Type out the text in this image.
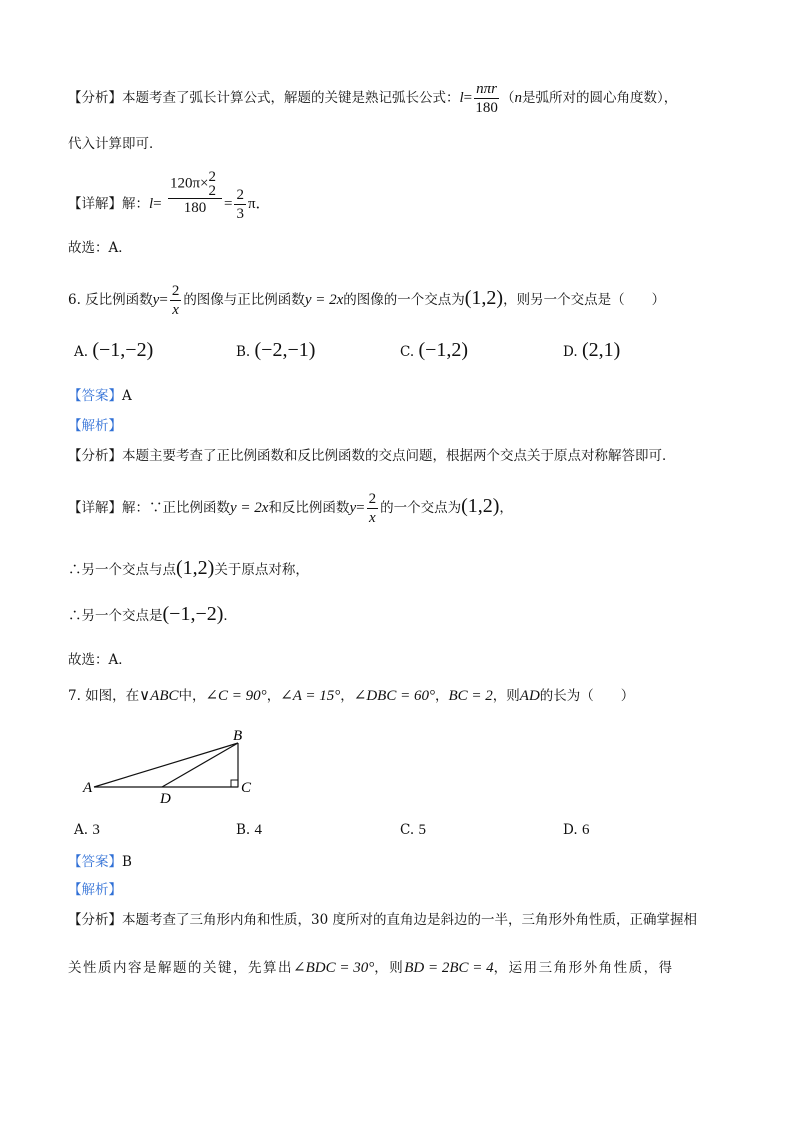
【分析】本题考查了弧长计算公式，解题的关键是熟记弧长公式：$l= \frac{\text{nπr}}{180} (n$是弧所对的圆心角度数），
代入计算即可．
【详解】解：l= 120π× 2
2
$180 = \frac{2}{3}$ π．
故选：A．
6. 反比例函数$y= \frac{2}{x}$ 的图像与正比例函数y = 2x的图像的一个交点为(1,2)，则另一个交点是（　　）
A. (−1,−2)	B. (−2,−1)	C. (−1,2)	D. (2,1)
【答案】A
【解析】
【分析】本题主要考查了正比例函数和反比例函数的交点问题，根据两个交点关于原点对称解答即可．
【详解】解：∵正比例函数y = 2x和反比例函数$y= \frac{2}{x}$ 的一个交点为(1,2)，
∴另一个交点与点(1,2)关于原点对称，
∴另一个交点是(−1,−2)．
故选：A．
7. 如图，在∨ABC中，∠C = 90°，∠A = 15°，∠DBC = 60°，BC = 2，则AD的长为（　　）
A
B
C
D
A. 3	B. 4	C. 5	D. 6
【答案】B
【解析】
【分析】本题考查了三角形内角和性质，30 度所对的直角边是斜边的一半，三角形外角性质，正确掌握相
关性质内容是解题的关键，先算出∠BDC = 30°，则BD = 2BC = 4，运用三角形外角性质，得
